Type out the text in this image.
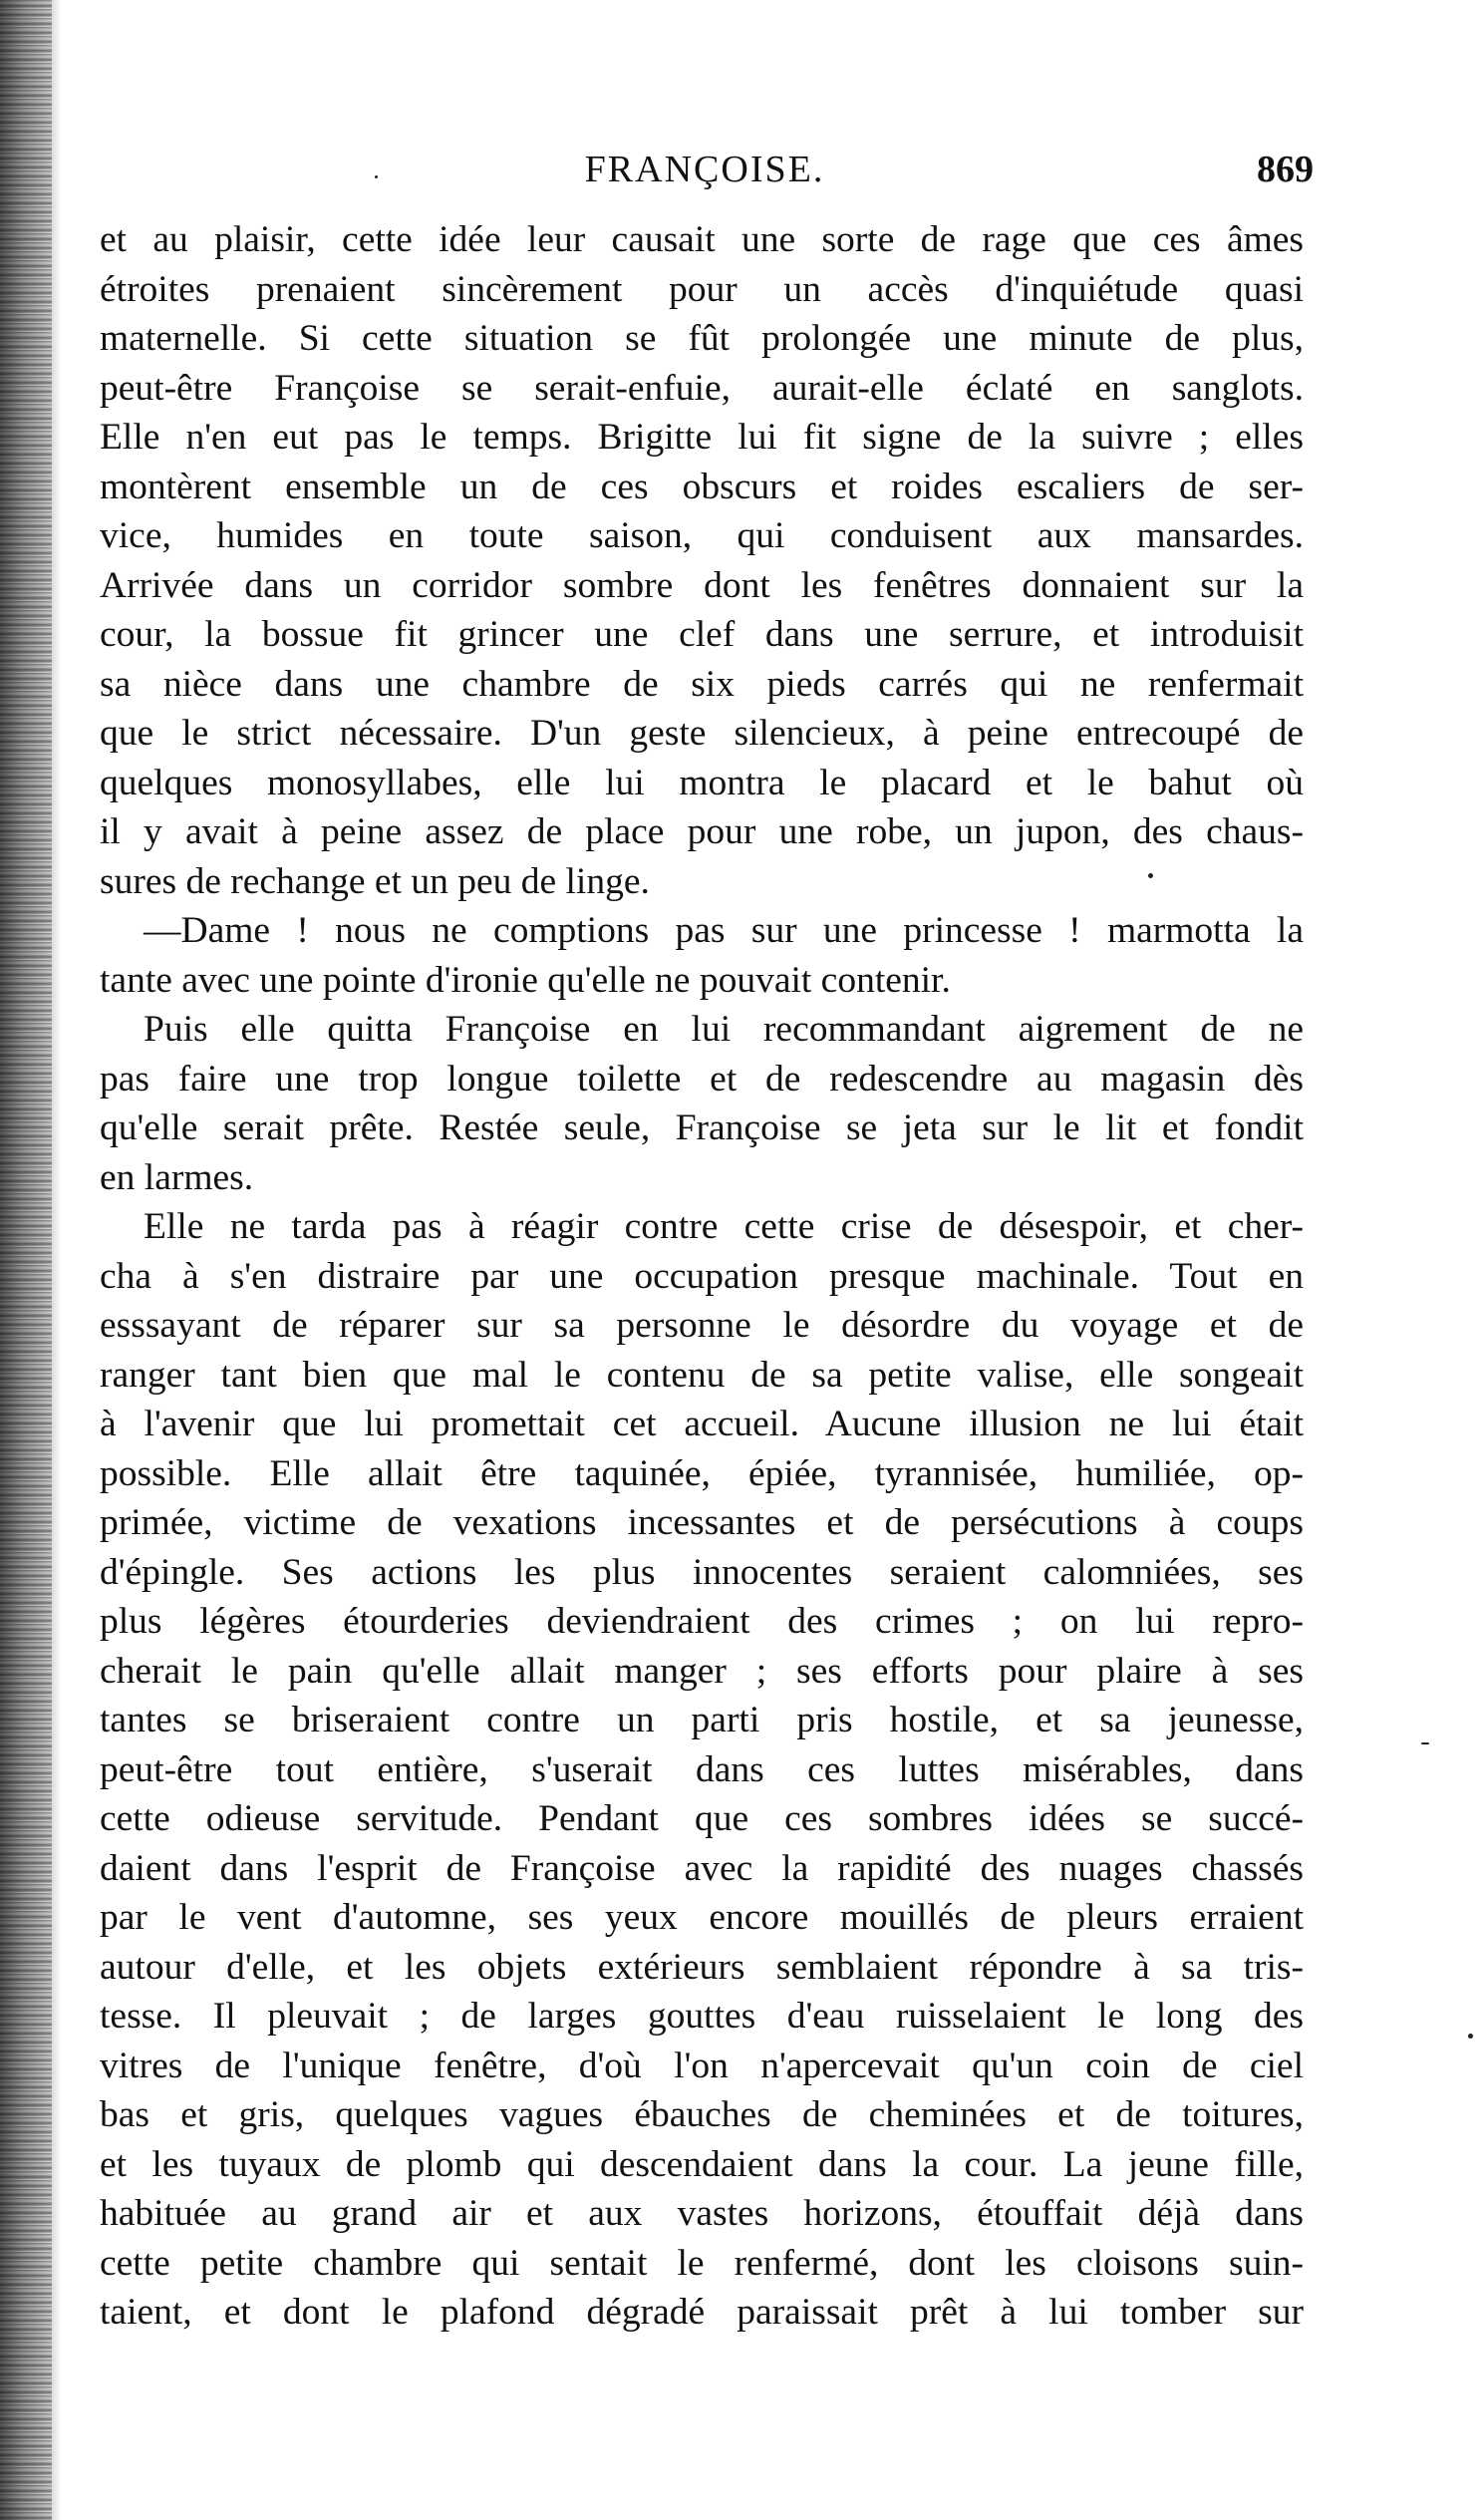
FRANÇOISE.	869
et au plaisir, cette idée leur causait une sorte de rage que ces âmes
étroites prenaient sincèrement pour un accès d'inquiétude quasi
maternelle. Si cette situation se fût prolongée une minute de plus,
peut-être Françoise se serait-enfuie, aurait-elle éclaté en sanglots.
Elle n'en eut pas le temps. Brigitte lui fit signe de la suivre ; elles
montèrent ensemble un de ces obscurs et roides escaliers de ser-
vice, humides en toute saison, qui conduisent aux mansardes.
Arrivée dans un corridor sombre dont les fenêtres donnaient sur la
cour, la bossue fit grincer une clef dans une serrure, et introduisit
sa nièce dans une chambre de six pieds carrés qui ne renfermait
que le strict nécessaire. D'un geste silencieux, à peine entrecoupé de
quelques monosyllabes, elle lui montra le placard et le bahut où
il y avait à peine assez de place pour une robe, un jupon, des chaus-
sures de rechange et un peu de linge.
—Dame ! nous ne comptions pas sur une princesse ! marmotta la
tante avec une pointe d'ironie qu'elle ne pouvait contenir.
Puis elle quitta Françoise en lui recommandant aigrement de ne
pas faire une trop longue toilette et de redescendre au magasin dès
qu'elle serait prête. Restée seule, Françoise se jeta sur le lit et fondit
en larmes.
Elle ne tarda pas à réagir contre cette crise de désespoir, et cher-
cha à s'en distraire par une occupation presque machinale. Tout en
esssayant de réparer sur sa personne le désordre du voyage et de
ranger tant bien que mal le contenu de sa petite valise, elle songeait
à l'avenir que lui promettait cet accueil. Aucune illusion ne lui était
possible. Elle allait être taquinée, épiée, tyrannisée, humiliée, op-
primée, victime de vexations incessantes et de persécutions à coups
d'épingle. Ses actions les plus innocentes seraient calomniées, ses
plus légères étourderies deviendraient des crimes ; on lui repro-
cherait le pain qu'elle allait manger ; ses efforts pour plaire à ses
tantes se briseraient contre un parti pris hostile, et sa jeunesse,
peut-être tout entière, s'userait dans ces luttes misérables, dans
cette odieuse servitude. Pendant que ces sombres idées se succé-
daient dans l'esprit de Françoise avec la rapidité des nuages chassés
par le vent d'automne, ses yeux encore mouillés de pleurs erraient
autour d'elle, et les objets extérieurs semblaient répondre à sa tris-
tesse. Il pleuvait ; de larges gouttes d'eau ruisselaient le long des
vitres de l'unique fenêtre, d'où l'on n'apercevait qu'un coin de ciel
bas et gris, quelques vagues ébauches de cheminées et de toitures,
et les tuyaux de plomb qui descendaient dans la cour. La jeune fille,
habituée au grand air et aux vastes horizons, étouffait déjà dans
cette petite chambre qui sentait le renfermé, dont les cloisons suin-
taient, et dont le plafond dégradé paraissait prêt à lui tomber sur
